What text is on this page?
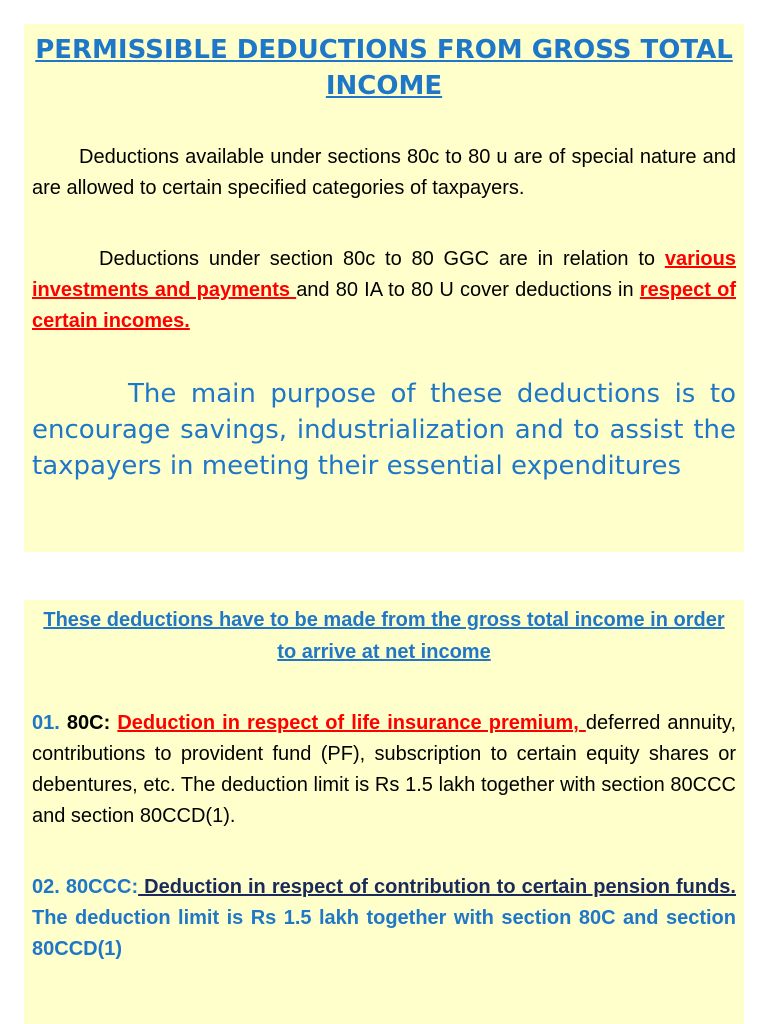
PERMISSIBLE DEDUCTIONS FROM GROSS TOTAL INCOME

Deductions available under sections 80c to 80 u are of special nature and are allowed to certain specified categories of taxpayers.

Deductions under section 80c to 80 GGC are in relation to various investments and payments and 80 IA to 80 U cover deductions in respect of certain incomes.

The main purpose of these deductions is to encourage savings, industrialization and to assist the taxpayers in meeting their essential expenditures

These deductions have to be made from the gross total income in order to arrive at net income

01. 80C: Deduction in respect of life insurance premium, deferred annuity, contributions to provident fund (PF), subscription to certain equity shares or debentures, etc. The deduction limit is Rs 1.5 lakh together with section 80CCC and section 80CCD(1).

02. 80CCC: Deduction in respect of contribution to certain pension funds. The deduction limit is Rs 1.5 lakh together with section 80C and section 80CCD(1)
